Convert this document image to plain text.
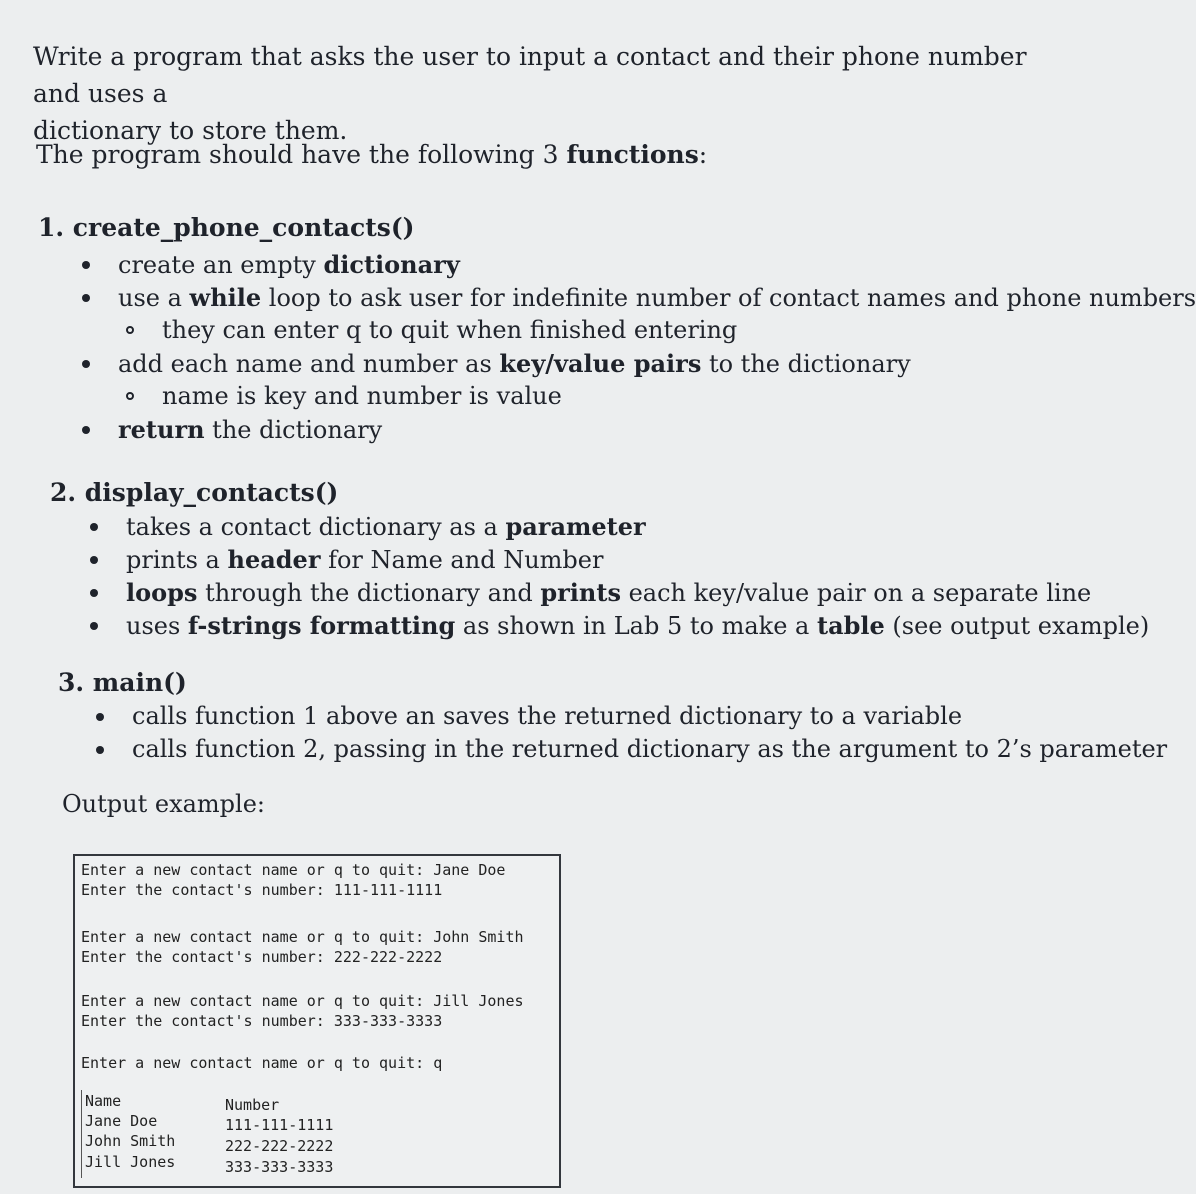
Write a program that asks the user to input a contact and their phone number and uses a
dictionary to store them.
The program should have the following 3 functions:
1. create_phone_contacts()
create an empty dictionary
use a while loop to ask user for indefinite number of contact names and phone numbers
they can enter q to quit when finished entering
add each name and number as key/value pairs to the dictionary
name is key and number is value
return the dictionary
2. display_contacts()
takes a contact dictionary as a parameter
prints a header for Name and Number
loops through the dictionary and prints each key/value pair on a separate line
uses f-strings formatting as shown in Lab 5 to make a table (see output example)
3. main()
calls function 1 above an saves the returned dictionary to a variable
calls function 2, passing in the returned dictionary as the argument to 2’s parameter
Output example:
Enter a new contact name or q to quit: Jane Doe
Enter the contact's number: 111-111-1111
Enter a new contact name or q to quit: John Smith
Enter the contact's number: 222-222-2222
Enter a new contact name or q to quit: Jill Jones
Enter the contact's number: 333-333-3333
Enter a new contact name or q to quit: q
Name	Number
Jane Doe	111-111-1111
John Smith	222-222-2222
Jill Jones	333-333-3333
